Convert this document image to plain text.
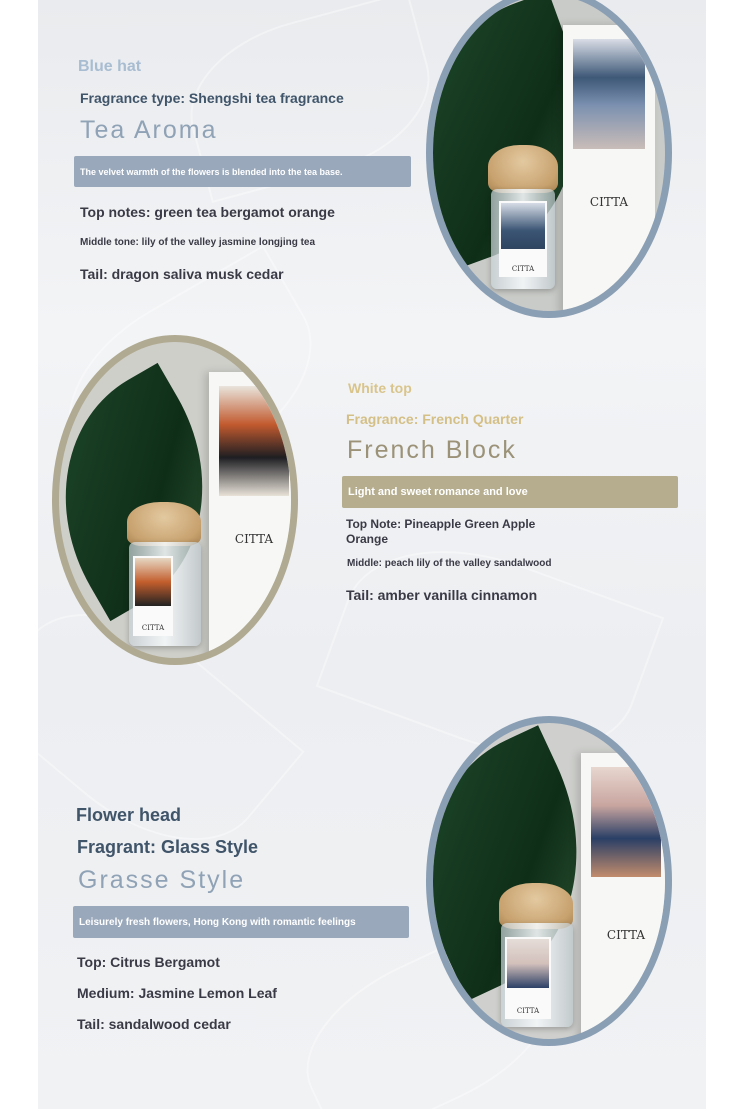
Blue hat
Fragrance type: Shengshi tea fragrance
Tea Aroma
The velvet warmth of the flowers is blended into the tea base.
Top notes: green tea bergamot orange
Middle tone: lily of the valley jasmine longjing tea
Tail: dragon saliva musk cedar
CITTA
CITTA
CITTA
CITTA
White top
Fragrance: French Quarter
French Block
Light and sweet romance and love
Top Note: Pineapple Green Apple
Orange
Middle: peach lily of the valley sandalwood
Tail: amber vanilla cinnamon
Flower head
Fragrant: Glass Style
Grasse Style
Leisurely fresh flowers, Hong Kong with romantic feelings
Top: Citrus Bergamot
Medium: Jasmine Lemon Leaf
Tail: sandalwood cedar
CITTA
CITTA
